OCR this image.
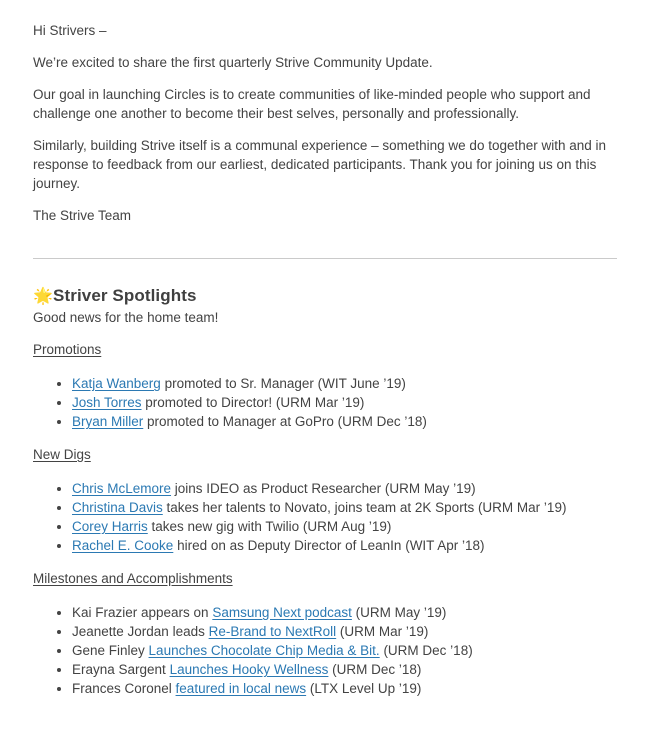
Hi Strivers –

We’re excited to share the first quarterly Strive Community Update.

Our goal in launching Circles is to create communities of like-minded people who support and challenge one another to become their best selves, personally and professionally.

Similarly, building Strive itself is a communal experience – something we do together with and in response to feedback from our earliest, dedicated participants. Thank you for joining us on this journey.

The Strive Team

🌟Striver Spotlights

Good news for the home team!

Promotions

• Katja Wanberg promoted to Sr. Manager (WIT June ’19)
• Josh Torres promoted to Director! (URM Mar ’19)
• Bryan Miller promoted to Manager at GoPro (URM Dec ’18)

New Digs

• Chris McLemore joins IDEO as Product Researcher (URM May ’19)
• Christina Davis takes her talents to Novato, joins team at 2K Sports (URM Mar ’19)
• Corey Harris takes new gig with Twilio (URM Aug ’19)
• Rachel E. Cooke hired on as Deputy Director of LeanIn (WIT Apr ’18)

Milestones and Accomplishments

• Kai Frazier appears on Samsung Next podcast (URM May ’19)
• Jeanette Jordan leads Re-Brand to NextRoll (URM Mar ’19)
• Gene Finley Launches Chocolate Chip Media & Bit. (URM Dec ’18)
• Erayna Sargent Launches Hooky Wellness (URM Dec ’18)
• Frances Coronel featured in local news (LTX Level Up ’19)
